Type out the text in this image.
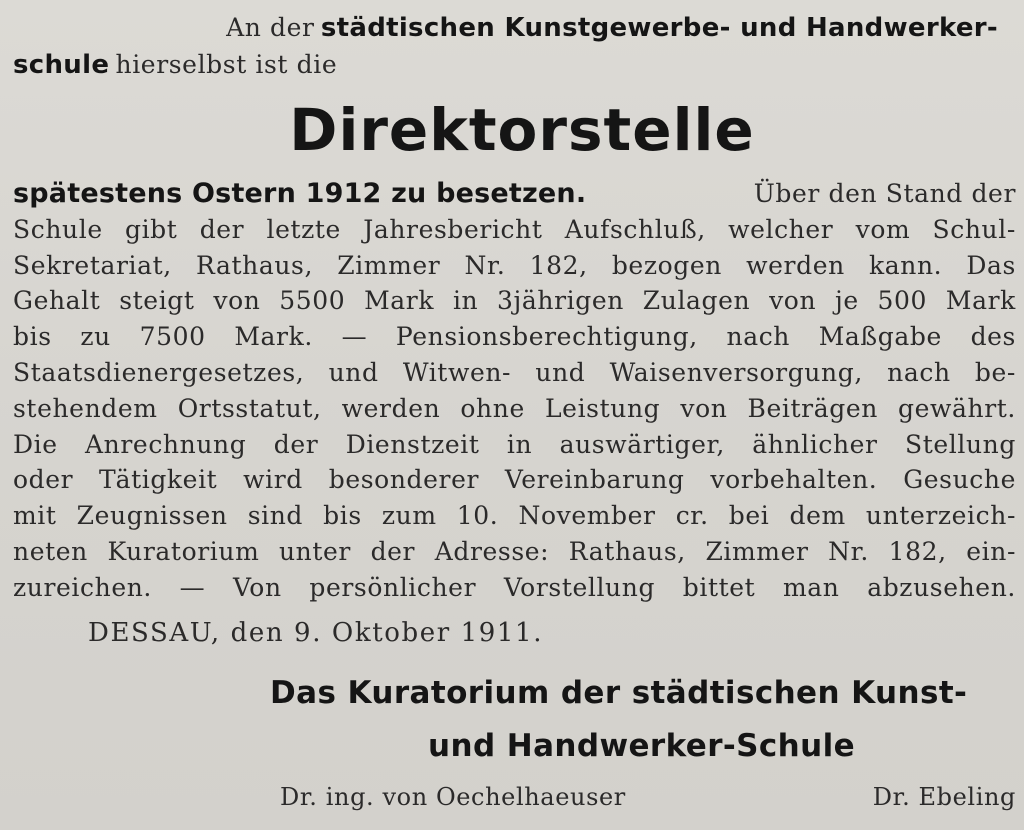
An der städtischen Kunstgewerbe- und Handwerker-
schule hierselbst ist die
Direktorstelle
spätestens Ostern 1912 zu besetzen.	Über den Stand der
Schule gibt der letzte Jahresbericht Aufschluß, welcher vom Schul-
Sekretariat, Rathaus, Zimmer Nr. 182, bezogen werden kann. Das
Gehalt steigt von 5500 Mark in 3jährigen Zulagen von je 500 Mark
bis zu 7500 Mark. — Pensionsberechtigung, nach Maßgabe des
Staatsdienergesetzes, und Witwen- und Waisenversorgung, nach be-
stehendem Ortsstatut, werden ohne Leistung von Beiträgen gewährt.
Die Anrechnung der Dienstzeit in auswärtiger, ähnlicher Stellung
oder Tätigkeit wird besonderer Vereinbarung vorbehalten. Gesuche
mit Zeugnissen sind bis zum 10. November cr. bei dem unterzeich-
neten Kuratorium unter der Adresse: Rathaus, Zimmer Nr. 182, ein-
zureichen. — Von persönlicher Vorstellung bittet man abzusehen.
DESSAU, den 9. Oktober 1911.
Das Kuratorium der städtischen Kunst-
und Handwerker-Schule
Dr. ing. von Oechelhaeuser	Dr. Ebeling
